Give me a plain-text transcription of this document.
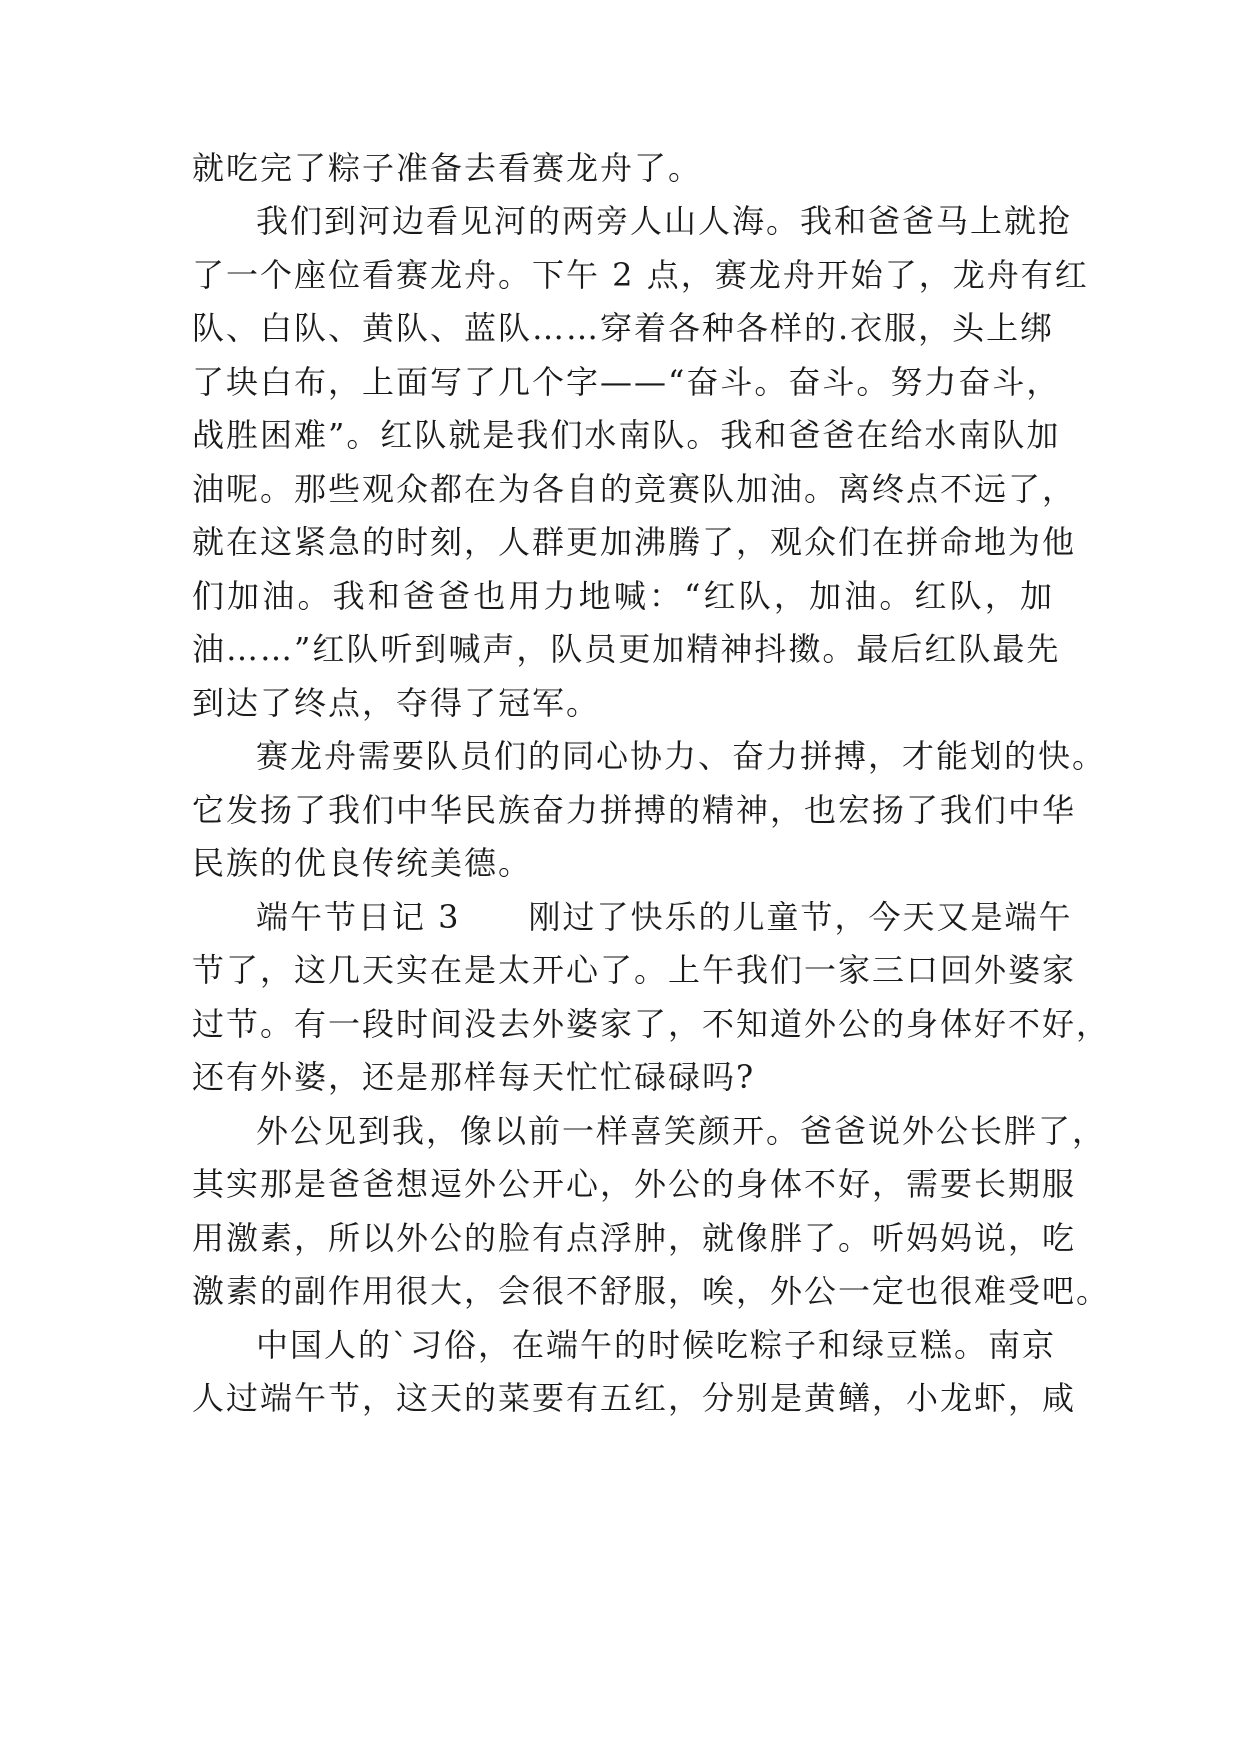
就吃完了粽子准备去看赛龙舟了。
我们到河边看见河的两旁人山人海。我和爸爸马上就抢
了一个座位看赛龙舟。下午 2 点，赛龙舟开始了，龙舟有红
队、白队、黄队、蓝队……穿着各种各样的.衣服，头上绑
了块白布，上面写了几个字——“奋斗。奋斗。努力奋斗，
战胜困难”。红队就是我们水南队。我和爸爸在给水南队加
油呢。那些观众都在为各自的竞赛队加油。离终点不远了，
就在这紧急的时刻，人群更加沸腾了，观众们在拼命地为他
们加油。我和爸爸也用力地喊：“红队，加油。红队，加
油……”红队听到喊声，队员更加精神抖擞。最后红队最先
到达了终点，夺得了冠军。
赛龙舟需要队员们的同心协力、奋力拼搏，才能划的快。
它发扬了我们中华民族奋力拼搏的精神，也宏扬了我们中华
民族的优良传统美德。
端午节日记 3　　刚过了快乐的儿童节，今天又是端午
节了，这几天实在是太开心了。上午我们一家三口回外婆家
过节。有一段时间没去外婆家了，不知道外公的身体好不好，
还有外婆，还是那样每天忙忙碌碌吗?
外公见到我，像以前一样喜笑颜开。爸爸说外公长胖了，
其实那是爸爸想逗外公开心，外公的身体不好，需要长期服
用激素，所以外公的脸有点浮肿，就像胖了。听妈妈说，吃
激素的副作用很大，会很不舒服，唉，外公一定也很难受吧。
中国人的`习俗，在端午的时候吃粽子和绿豆糕。南京
人过端午节，这天的菜要有五红，分别是黄鳝，小龙虾，咸
